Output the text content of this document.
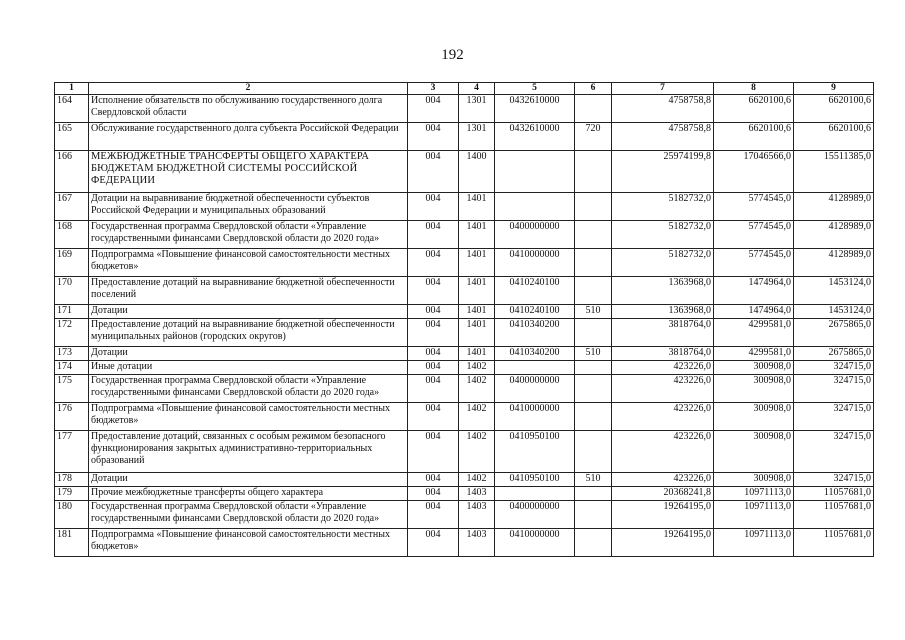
192
1	2	3	4	5	6	7	8	9
164	Исполнение обязательств по обслуживанию государственного долга Свердловской области	004	1301	0432610000		4758758,8	6620100,6	6620100,6
165	Обслуживание государственного долга субъекта Российской Федерации	004	1301	0432610000	720	4758758,8	6620100,6	6620100,6
166	МЕЖБЮДЖЕТНЫЕ ТРАНСФЕРТЫ ОБЩЕГО ХАРАКТЕРА БЮДЖЕТАМ БЮДЖЕТНОЙ СИСТЕМЫ РОССИЙСКОЙ ФЕДЕРАЦИИ	004	1400			25974199,8	17046566,0	15511385,0
167	Дотации на выравнивание бюджетной обеспеченности субъектов Российской Федерации и муниципальных образований	004	1401			5182732,0	5774545,0	4128989,0
168	Государственная программа Свердловской области «Управление государственными финансами Свердловской области до 2020 года»	004	1401	0400000000		5182732,0	5774545,0	4128989,0
169	Подпрограмма «Повышение финансовой самостоятельности местных бюджетов»	004	1401	0410000000		5182732,0	5774545,0	4128989,0
170	Предоставление дотаций на выравнивание бюджетной обеспеченности поселений	004	1401	0410240100		1363968,0	1474964,0	1453124,0
171	Дотации	004	1401	0410240100	510	1363968,0	1474964,0	1453124,0
172	Предоставление дотаций на выравнивание бюджетной обеспеченности муниципальных районов (городских округов)	004	1401	0410340200		3818764,0	4299581,0	2675865,0
173	Дотации	004	1401	0410340200	510	3818764,0	4299581,0	2675865,0
174	Иные дотации	004	1402			423226,0	300908,0	324715,0
175	Государственная программа Свердловской области «Управление государственными финансами Свердловской области до 2020 года»	004	1402	0400000000		423226,0	300908,0	324715,0
176	Подпрограмма «Повышение финансовой самостоятельности местных бюджетов»	004	1402	0410000000		423226,0	300908,0	324715,0
177	Предоставление дотаций, связанных с особым режимом безопасного функционирования закрытых административно-территориальных образований	004	1402	0410950100		423226,0	300908,0	324715,0
178	Дотации	004	1402	0410950100	510	423226,0	300908,0	324715,0
179	Прочие межбюджетные трансферты общего характера	004	1403			20368241,8	10971113,0	11057681,0
180	Государственная программа Свердловской области «Управление государственными финансами Свердловской области до 2020 года»	004	1403	0400000000		19264195,0	10971113,0	11057681,0
181	Подпрограмма «Повышение финансовой самостоятельности местных бюджетов»	004	1403	0410000000		19264195,0	10971113,0	11057681,0
